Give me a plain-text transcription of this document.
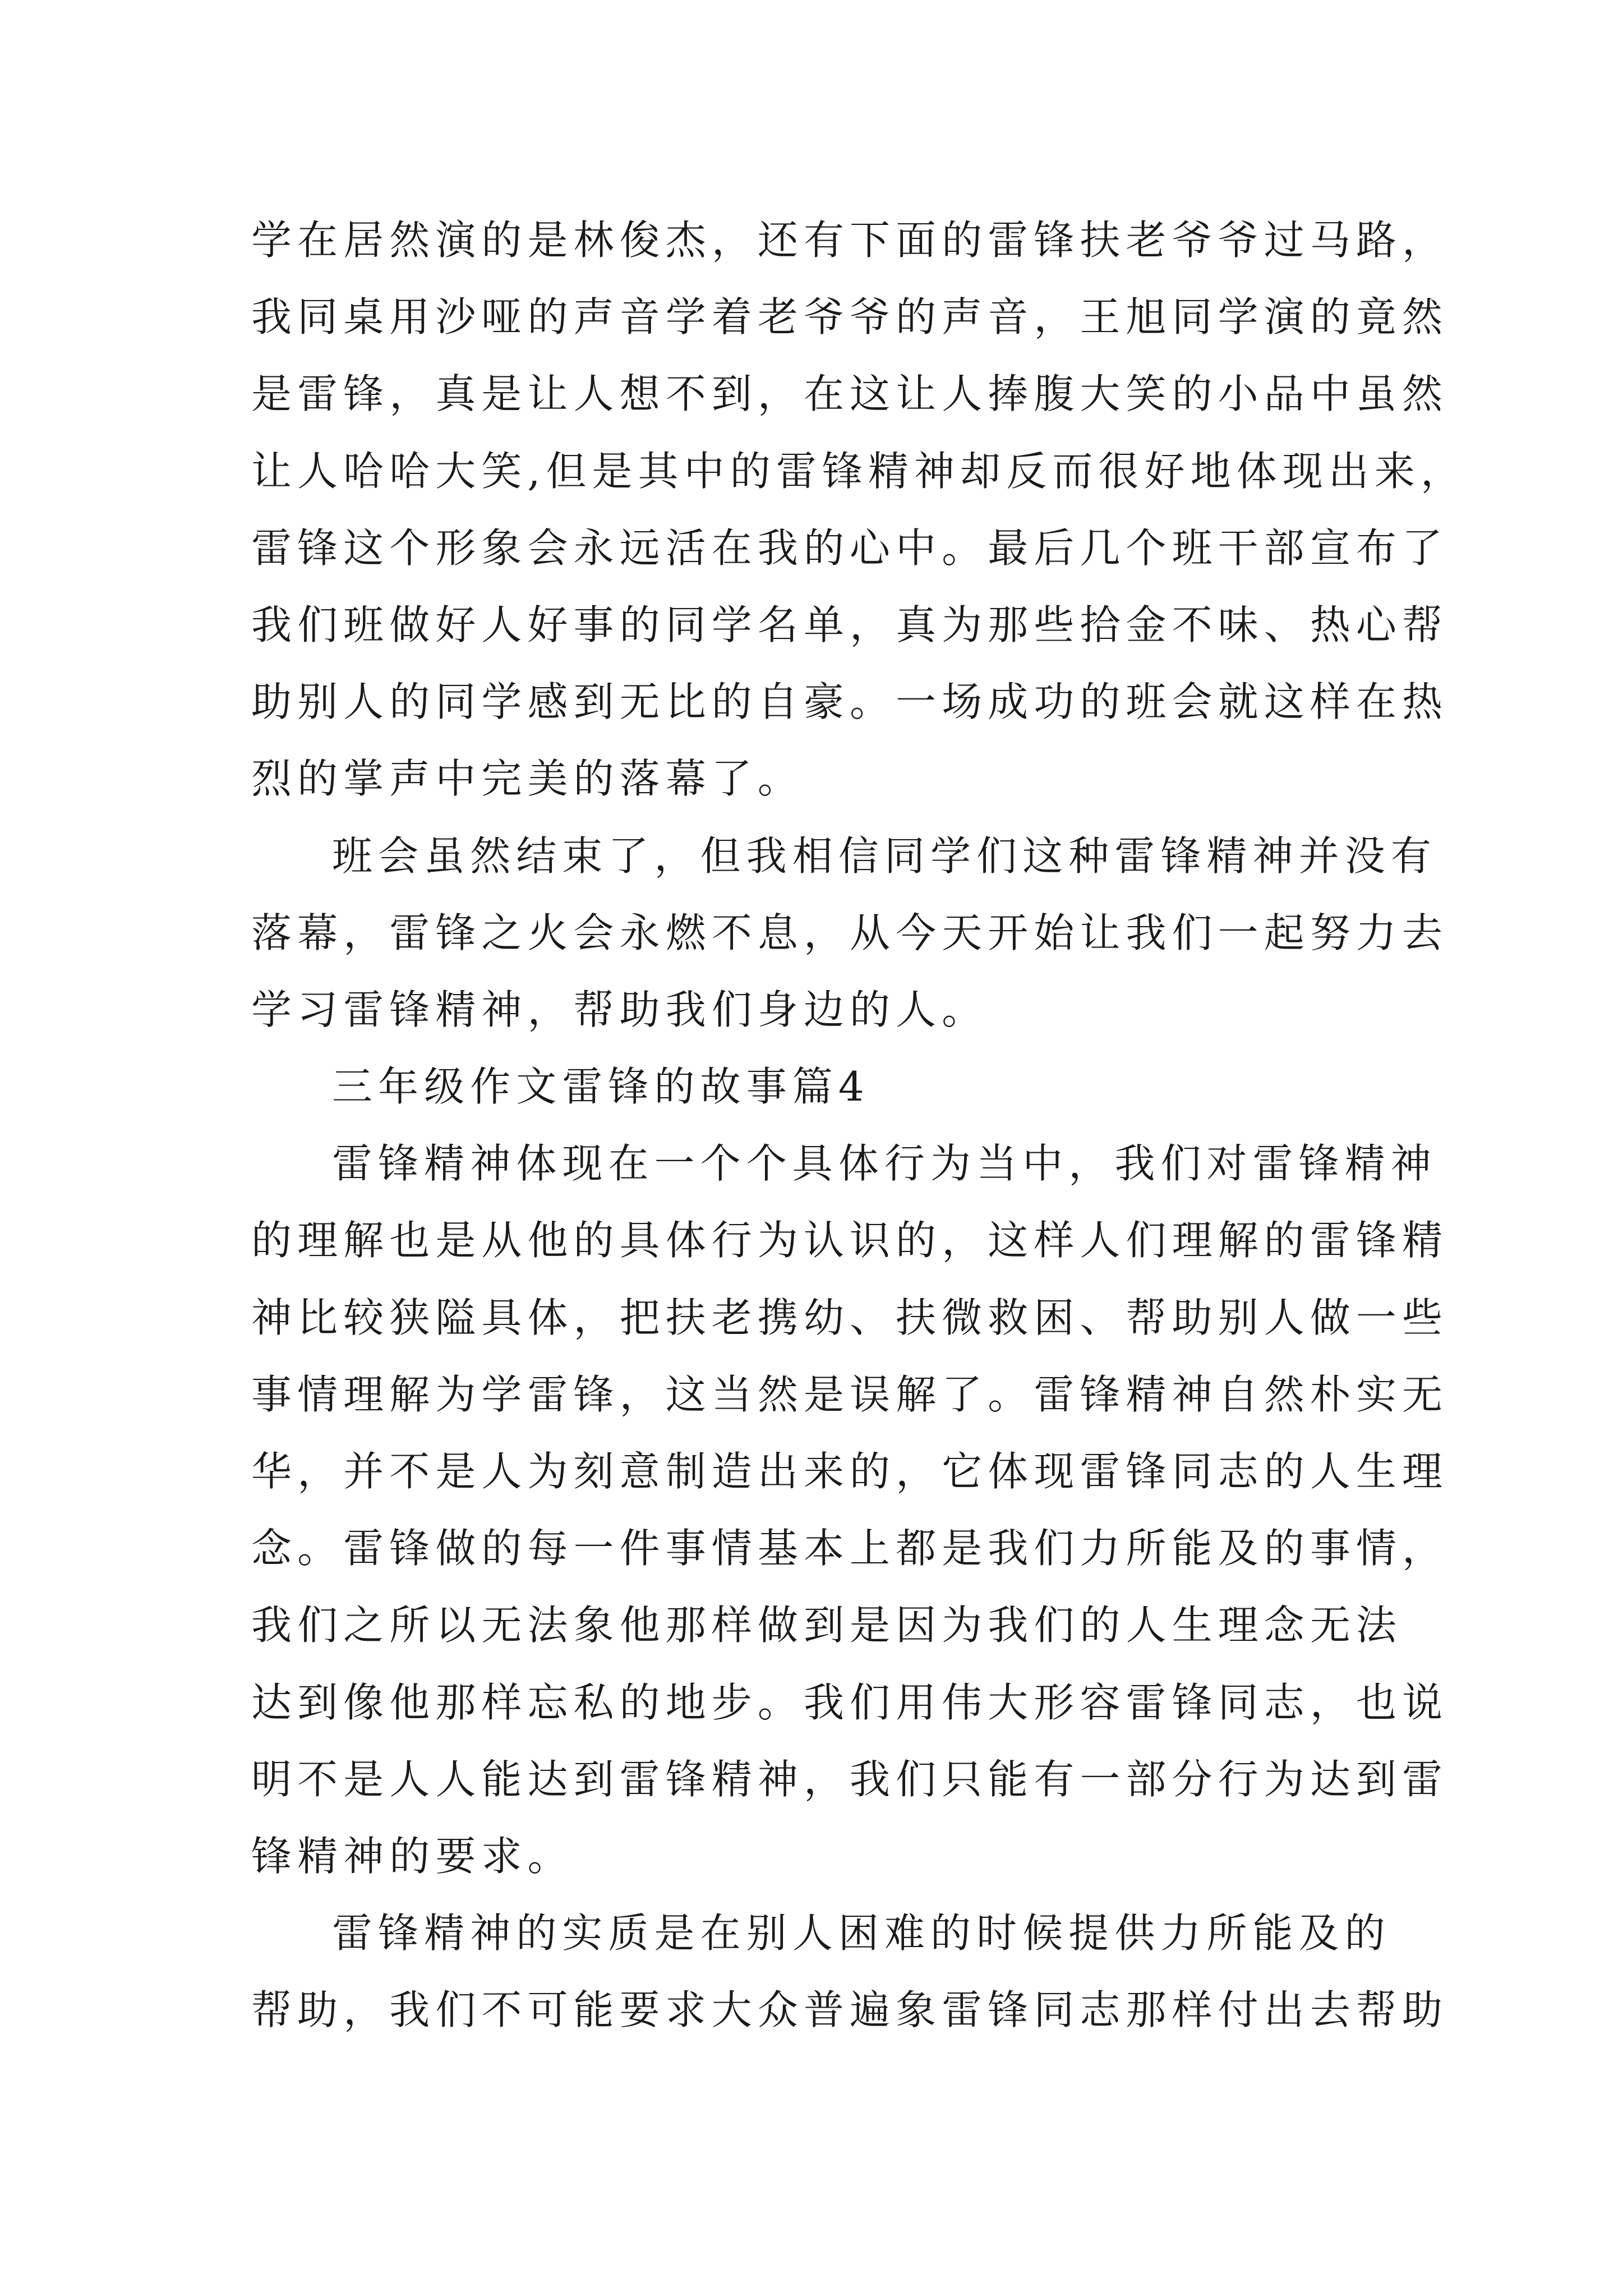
学在居然演的是林俊杰，还有下面的雷锋扶老爷爷过马路，
我同桌用沙哑的声音学着老爷爷的声音，王旭同学演的竟然
是雷锋，真是让人想不到，在这让人捧腹大笑的小品中虽然
让人哈哈大笑,但是其中的雷锋精神却反而很好地体现出来，
雷锋这个形象会永远活在我的心中。最后几个班干部宣布了
我们班做好人好事的同学名单，真为那些拾金不味、热心帮
助别人的同学感到无比的自豪。一场成功的班会就这样在热
烈的掌声中完美的落幕了。

班会虽然结束了，但我相信同学们这种雷锋精神并没有
落幕，雷锋之火会永燃不息，从今天开始让我们一起努力去
学习雷锋精神，帮助我们身边的人。

三年级作文雷锋的故事篇4

雷锋精神体现在一个个具体行为当中，我们对雷锋精神
的理解也是从他的具体行为认识的，这样人们理解的雷锋精
神比较狭隘具体，把扶老携幼、扶微救困、帮助别人做一些
事情理解为学雷锋，这当然是误解了。雷锋精神自然朴实无
华，并不是人为刻意制造出来的，它体现雷锋同志的人生理
念。雷锋做的每一件事情基本上都是我们力所能及的事情，
我们之所以无法象他那样做到是因为我们的人生理念无法
达到像他那样忘私的地步。我们用伟大形容雷锋同志，也说
明不是人人能达到雷锋精神，我们只能有一部分行为达到雷
锋精神的要求。

雷锋精神的实质是在别人困难的时候提供力所能及的
帮助，我们不可能要求大众普遍象雷锋同志那样付出去帮助
